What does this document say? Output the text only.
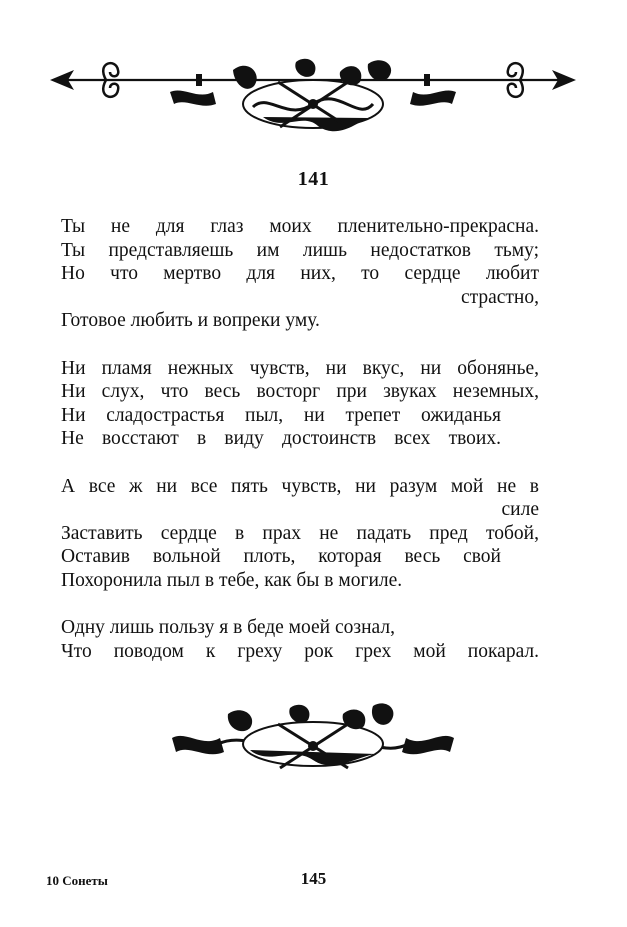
141
Ты не для глаз моих пленительно-прекрасна.
Ты представляешь им лишь недостатков тьму;
Но что мертво для них, то сердце любит
страстно,
Готовое любить и вопреки уму.
Ни пламя нежных чувств, ни вкус, ни обонянье,
Ни слух, что весь восторг при звуках неземных,
Ни сладострастья пыл, ни трепет ожиданья
Не восстают в виду достоинств всех твоих.
А все ж ни все пять чувств, ни разум мой не в
силе
Заставить сердце в прах не падать пред тобой,
Оставив вольной плоть, которая весь свой
Похоронила пыл в тебе, как бы в могиле.
Одну лишь пользу я в беде моей сознал,
Что поводом к греху рок грех мой покарал.
10 Сонеты	145
